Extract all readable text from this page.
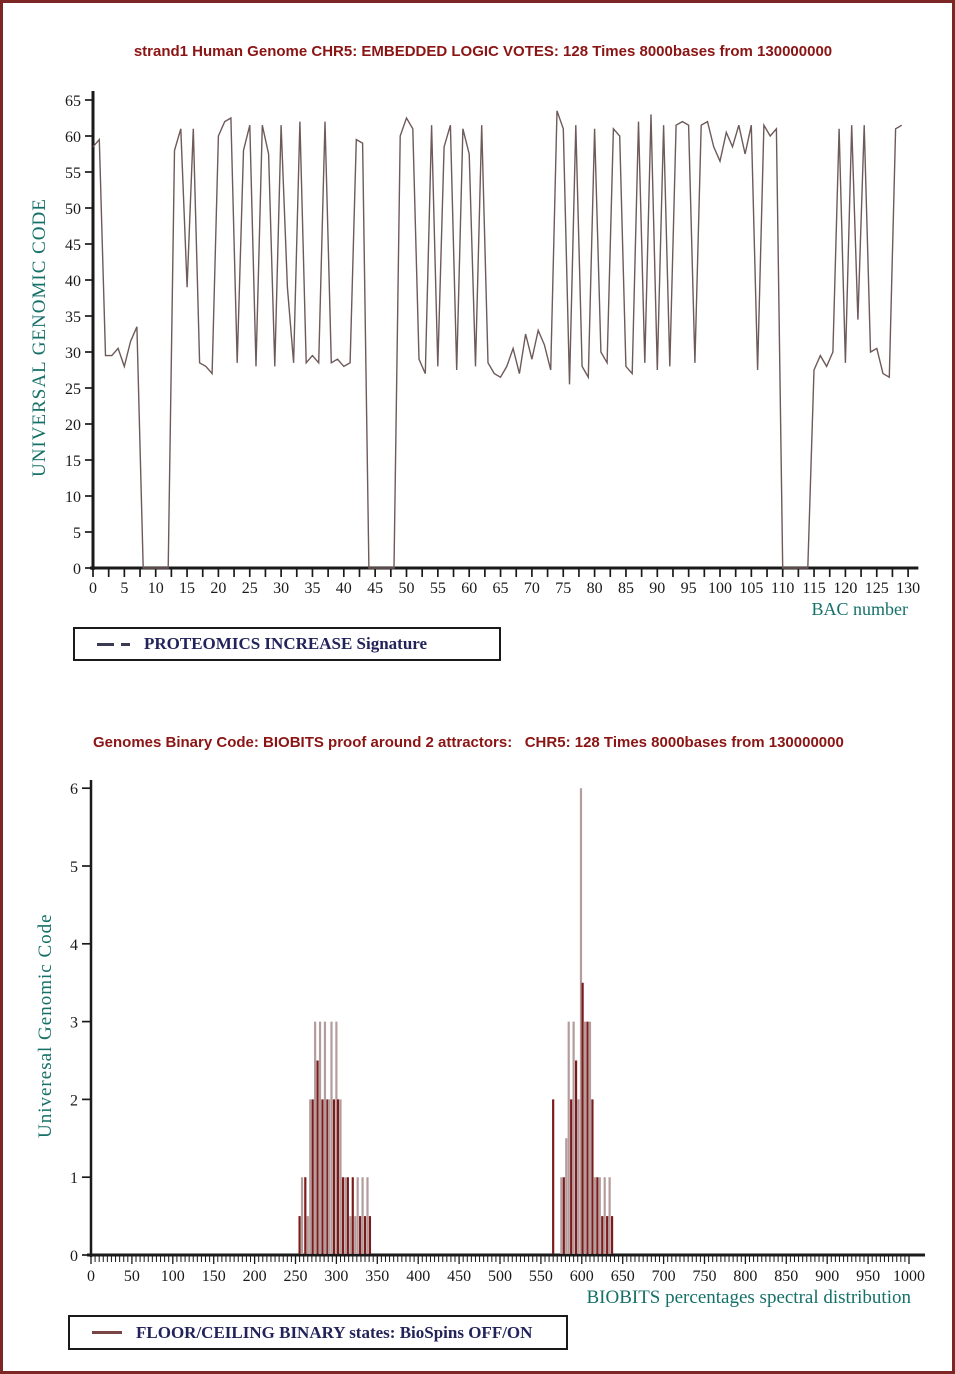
strand1 Human Genome CHR5: EMBEDDED LOGIC VOTES: 128 Times 8000bases from 130000000
UNIVERSAL GENOMIC CODE
0 5 10 15 20 25 30 35 40 45 50 55 60 65 70 75 80 85 90 95 100 105 110 115 120 125 130
0
5
10
15
20
25
30
35
40
45
50
55
60
65
BAC number
PROTEOMICS INCREASE Signature
Genomes Binary Code: BIOBITS proof around 2 attractors:   CHR5: 128 Times 8000bases from 130000000
Univeresal Genomic Code
0 50 100 150 200 250 300 350 400 450 500 550 600 650 700 750 800 850 900 950 1000
0
1
2
3
4
5
6
BIOBITS percentages spectral distribution
FLOOR/CEILING BINARY states: BioSpins OFF/ON
